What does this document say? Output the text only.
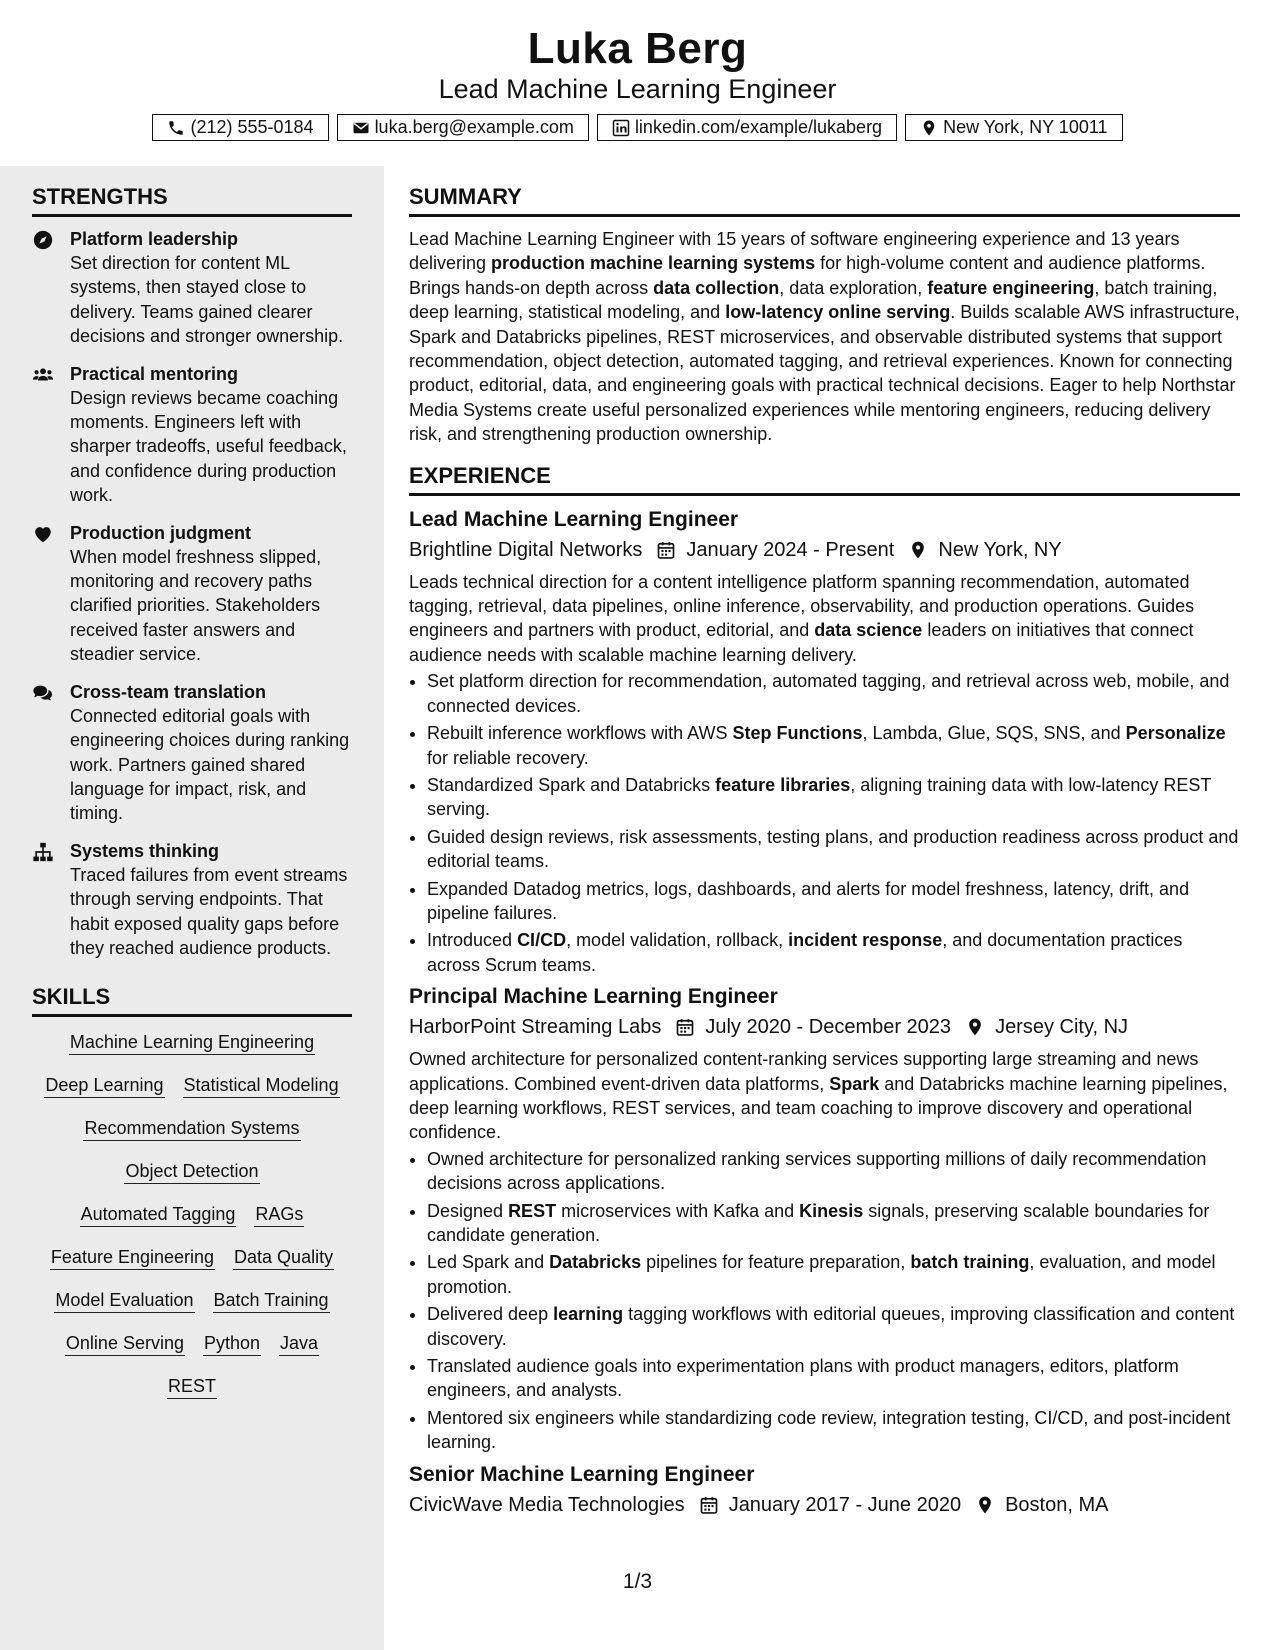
Luka Berg
Lead Machine Learning Engineer
(212) 555-0184	luka.berg@example.com	linkedin.com/example/lukaberg	New York, NY 10011
STRENGTHS
Platform leadership
Set direction for content ML systems, then stayed close to delivery. Teams gained clearer decisions and stronger ownership.
Practical mentoring
Design reviews became coaching moments. Engineers left with sharper tradeoffs, useful feedback, and confidence during production work.
Production judgment
When model freshness slipped, monitoring and recovery paths clarified priorities. Stakeholders received faster answers and steadier service.
Cross-team translation
Connected editorial goals with engineering choices during ranking work. Partners gained shared language for impact, risk, and timing.
Systems thinking
Traced failures from event streams through serving endpoints. That habit exposed quality gaps before they reached audience products.
SKILLS
Machine Learning Engineering
Deep Learning Statistical Modeling
Recommendation Systems
Object Detection
Automated Tagging RAGs
Feature Engineering Data Quality
Model Evaluation Batch Training
Online Serving Python Java
REST
SUMMARY
Lead Machine Learning Engineer with 15 years of software engineering experience and 13 years delivering production machine learning systems for high-volume content and audience platforms. Brings hands-on depth across data collection, data exploration, feature engineering, batch training, deep learning, statistical modeling, and low-latency online serving. Builds scalable AWS infrastructure, Spark and Databricks pipelines, REST microservices, and observable distributed systems that support recommendation, object detection, automated tagging, and retrieval experiences. Known for connecting product, editorial, data, and engineering goals with practical technical decisions. Eager to help Northstar Media Systems create useful personalized experiences while mentoring engineers, reducing delivery risk, and strengthening production ownership.
EXPERIENCE
Lead Machine Learning Engineer
Brightline Digital Networks January 2024 - Present New York, NY
Leads technical direction for a content intelligence platform spanning recommendation, automated tagging, retrieval, data pipelines, online inference, observability, and production operations. Guides engineers and partners with product, editorial, and data science leaders on initiatives that connect audience needs with scalable machine learning delivery.
• Set platform direction for recommendation, automated tagging, and retrieval across web, mobile, and connected devices.
• Rebuilt inference workflows with AWS Step Functions, Lambda, Glue, SQS, SNS, and Personalize for reliable recovery.
• Standardized Spark and Databricks feature libraries, aligning training data with low-latency REST serving.
• Guided design reviews, risk assessments, testing plans, and production readiness across product and editorial teams.
• Expanded Datadog metrics, logs, dashboards, and alerts for model freshness, latency, drift, and pipeline failures.
• Introduced CI/CD, model validation, rollback, incident response, and documentation practices across Scrum teams.
Principal Machine Learning Engineer
HarborPoint Streaming Labs July 2020 - December 2023 Jersey City, NJ
Owned architecture for personalized content-ranking services supporting large streaming and news applications. Combined event-driven data platforms, Spark and Databricks machine learning pipelines, deep learning workflows, REST services, and team coaching to improve discovery and operational confidence.
• Owned architecture for personalized ranking services supporting millions of daily recommendation decisions across applications.
• Designed REST microservices with Kafka and Kinesis signals, preserving scalable boundaries for candidate generation.
• Led Spark and Databricks pipelines for feature preparation, batch training, evaluation, and model promotion.
• Delivered deep learning tagging workflows with editorial queues, improving classification and content discovery.
• Translated audience goals into experimentation plans with product managers, editors, platform engineers, and analysts.
• Mentored six engineers while standardizing code review, integration testing, CI/CD, and post-incident learning.
Senior Machine Learning Engineer
CivicWave Media Technologies January 2017 - June 2020 Boston, MA
1/3
